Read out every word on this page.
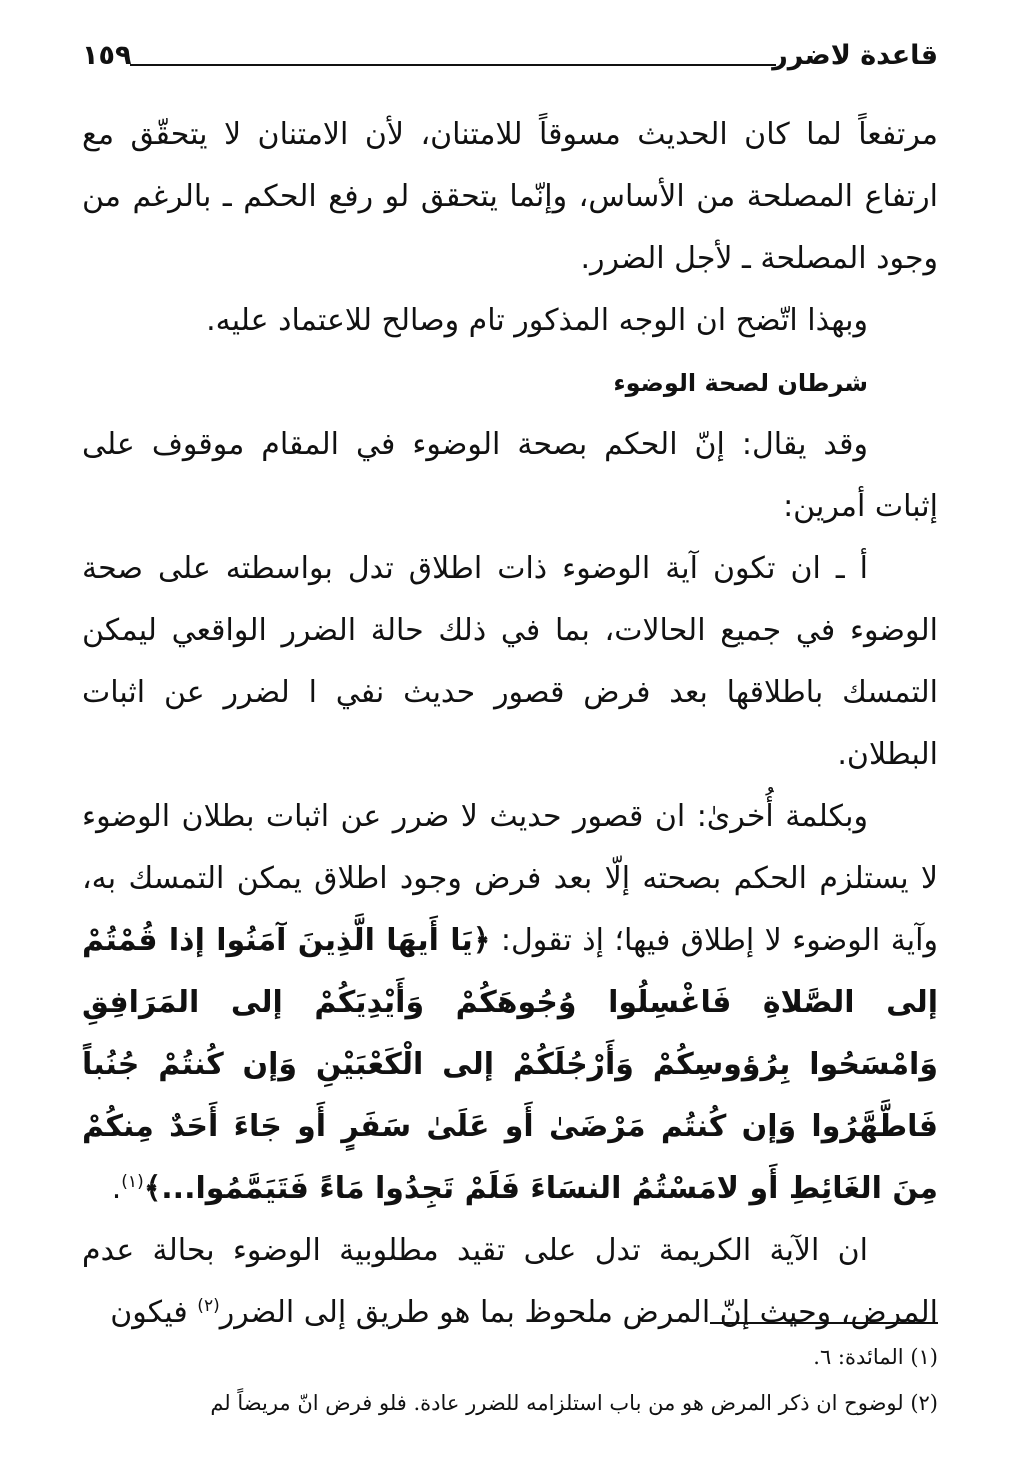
قاعدة لاضرر
١٥٩

مرتفعاً لما كان الحديث مسوقاً للامتنان، لأن الامتنان لا يتحقّق مع ارتفاع المصلحة من الأساس، وإنّما يتحقق لو رفع الحكم ـ بالرغم من وجود المصلحة ـ لأجل الضرر.

وبهذا اتّضح ان الوجه المذكور تام وصالح للاعتماد عليه.

شرطان لصحة الوضوء

وقد يقال: إنّ الحكم بصحة الوضوء في المقام موقوف على إثبات أمرين:

أ ـ ان تكون آية الوضوء ذات اطلاق تدل بواسطته على صحة الوضوء في جميع الحالات، بما في ذلك حالة الضرر الواقعي ليمكن التمسك باطلاقها بعد فرض قصور حديث نفي ا لضرر عن اثبات البطلان.

وبكلمة أُخرىٰ: ان قصور حديث لا ضرر عن اثبات بطلان الوضوء لا يستلزم الحكم بصحته إلّا بعد فرض وجود اطلاق يمكن التمسك به، وآية الوضوء لا إطلاق فيها؛ إذ تقول: ﴿يَا أَيهَا الَّذِينَ آمَنُوا إذا قُمْتُمْ إلى الصَّلاةِ فَاغْسِلُوا وُجُوهَكُمْ وَأَيْدِيَكُمْ إلى المَرَافِقِ وَامْسَحُوا بِرُؤوسِكُمْ وَأَرْجُلَكُمْ إلى الْكَعْبَيْنِ وَإن كُنتُمْ جُنُباً فَاطَّهَّرُوا وَإن كُنتُم مَرْضَىٰ أَو عَلَىٰ سَفَرٍ أَو جَاءَ أَحَدٌ مِنكُمْ مِنَ الغَائِطِ أَو لامَسْتُمُ النسَاءَ فَلَمْ تَجِدُوا مَاءً فَتَيَمَّمُوا...﴾$^{(١)}$.

ان الآية الكريمة تدل على تقيد مطلوبية الوضوء بحالة عدم المرض، وحيث إنّ المرض ملحوظ بما هو طريق إلى الضرر$^{(٢)}$ فيكون

(١) المائدة: ٦.

(٢) لوضوح ان ذكر المرض هو من باب استلزامه للضرر عادة. فلو فرض انّ مريضاً لم
